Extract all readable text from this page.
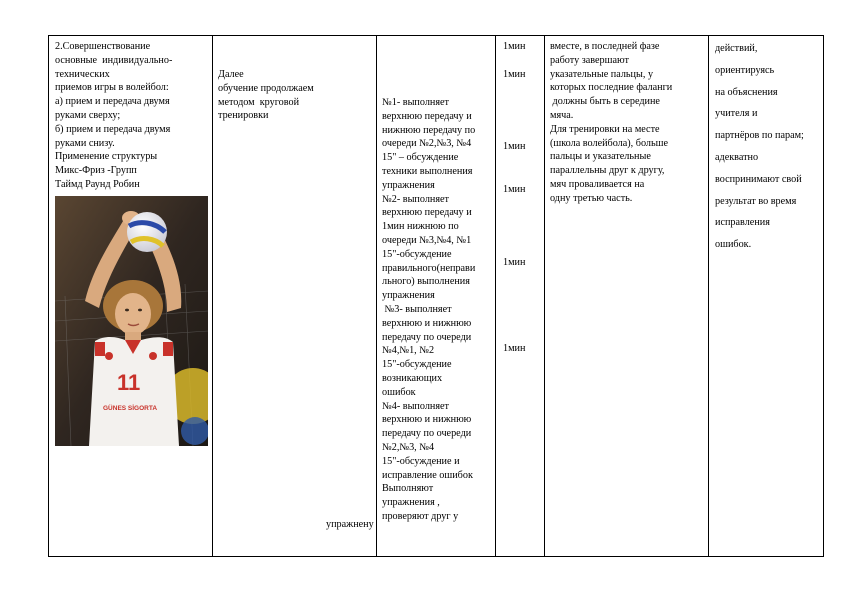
2.Совершенствование
основные  индивидуально-
технических
приемов игры в волейбол:
а) прием и передача двумя
руками сверху;
б) прием и передача двумя
руками снизу.
Применение структуры
Микс-Фриз -Групп
Таймд Раунд Робин
11
GÜNES SİGORTA
Далее
обучение продолжаем
методом  круговой
тренировки
№1- выполняет
верхнюю передачу и
нижнюю передачу по
очереди №2,№3, №4
15" – обсуждение
техники выполнения
упражнения
№2- выполняет
верхнюю передачу и
1мин нижнюю по
очереди №3,№4, №1
15"-обсуждение
правильного(неправи
льного) выполнения
упражнения
№3- выполняет
верхнюю и нижнюю
передачу по очереди
№4,№1, №2
15"-обсуждение
возникающих
ошибок
№4- выполняет
верхнюю и нижнюю
передачу по очереди
№2,№3, №4
15"-обсуждение и
исправление ошибок
Выполняют
упражнения ,
проверяют друг у
упражнену
1мин
1мин
1мин
1мин
1мин
1мин
вместе, в последней фазе
работу завершают
указательные пальцы, у
которых последние фаланги
должны быть в середине
мяча.
Для тренировки на месте
(школа волейбола), больше
пальцы и указательные
параллельны друг к другу,
мяч проваливается на
одну третью часть.
действий,
ориентируясь
на объяснения
учителя и
партнёров по парам;
адекватно
воспринимают свой
результат во время
исправления
ошибок.
